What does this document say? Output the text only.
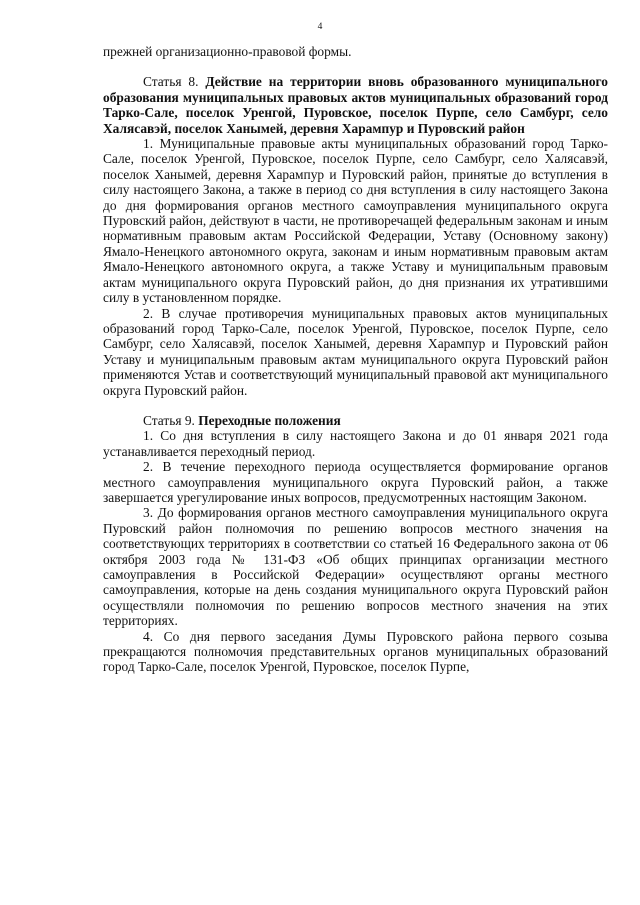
4

прежней организационно-правовой формы.

Статья 8. Действие на территории вновь образованного муниципального образования муниципальных правовых актов муниципальных образований город Тарко-Сале, поселок Уренгой, Пуровское, поселок Пурпе, село Самбург, село Халясавэй, поселок Ханымей, деревня Харампур и Пуровский район

1. Муниципальные правовые акты муниципальных образований город Тарко-Сале, поселок Уренгой, Пуровское, поселок Пурпе, село Самбург, село Халясавэй, поселок Ханымей, деревня Харампур и Пуровский район, принятые до вступления в силу настоящего Закона, а также в период со дня вступления в силу настоящего Закона до дня формирования органов местного самоуправления муниципального округа Пуровский район, действуют в части, не противоречащей федеральным законам и иным нормативным правовым актам Российской Федерации, Уставу (Основному закону) Ямало-Ненецкого автономного округа, законам и иным нормативным правовым актам Ямало-Ненецкого автономного округа, а также Уставу и муниципальным правовым актам муниципального округа Пуровский район, до дня признания их утратившими силу в установленном порядке.

2. В случае противоречия муниципальных правовых актов муниципальных образований город Тарко-Сале, поселок Уренгой, Пуровское, поселок Пурпе, село Самбург, село Халясавэй, поселок Ханымей, деревня Харампур и Пуровский район Уставу и муниципальным правовым актам муниципального округа Пуровский район применяются Устав и соответствующий муниципальный правовой акт муниципального округа Пуровский район.

Статья 9. Переходные положения

1. Со дня вступления в силу настоящего Закона и до 01 января 2021 года устанавливается переходный период.

2. В течение переходного периода осуществляется формирование органов местного самоуправления муниципального округа Пуровский район, а также завершается урегулирование иных вопросов, предусмотренных настоящим Законом.

3. До формирования органов местного самоуправления муниципального округа Пуровский район полномочия по решению вопросов местного значения на соответствующих территориях в соответствии со статьей 16 Федерального закона от 06 октября 2003 года № 131-ФЗ «Об общих принципах организации местного самоуправления в Российской Федерации» осуществляют органы местного самоуправления, которые на день создания муниципального округа Пуровский район осуществляли полномочия по решению вопросов местного значения на этих территориях.

4. Со дня первого заседания Думы Пуровского района первого созыва прекращаются полномочия представительных органов муниципальных образований город Тарко-Сале, поселок Уренгой, Пуровское, поселок Пурпе,
